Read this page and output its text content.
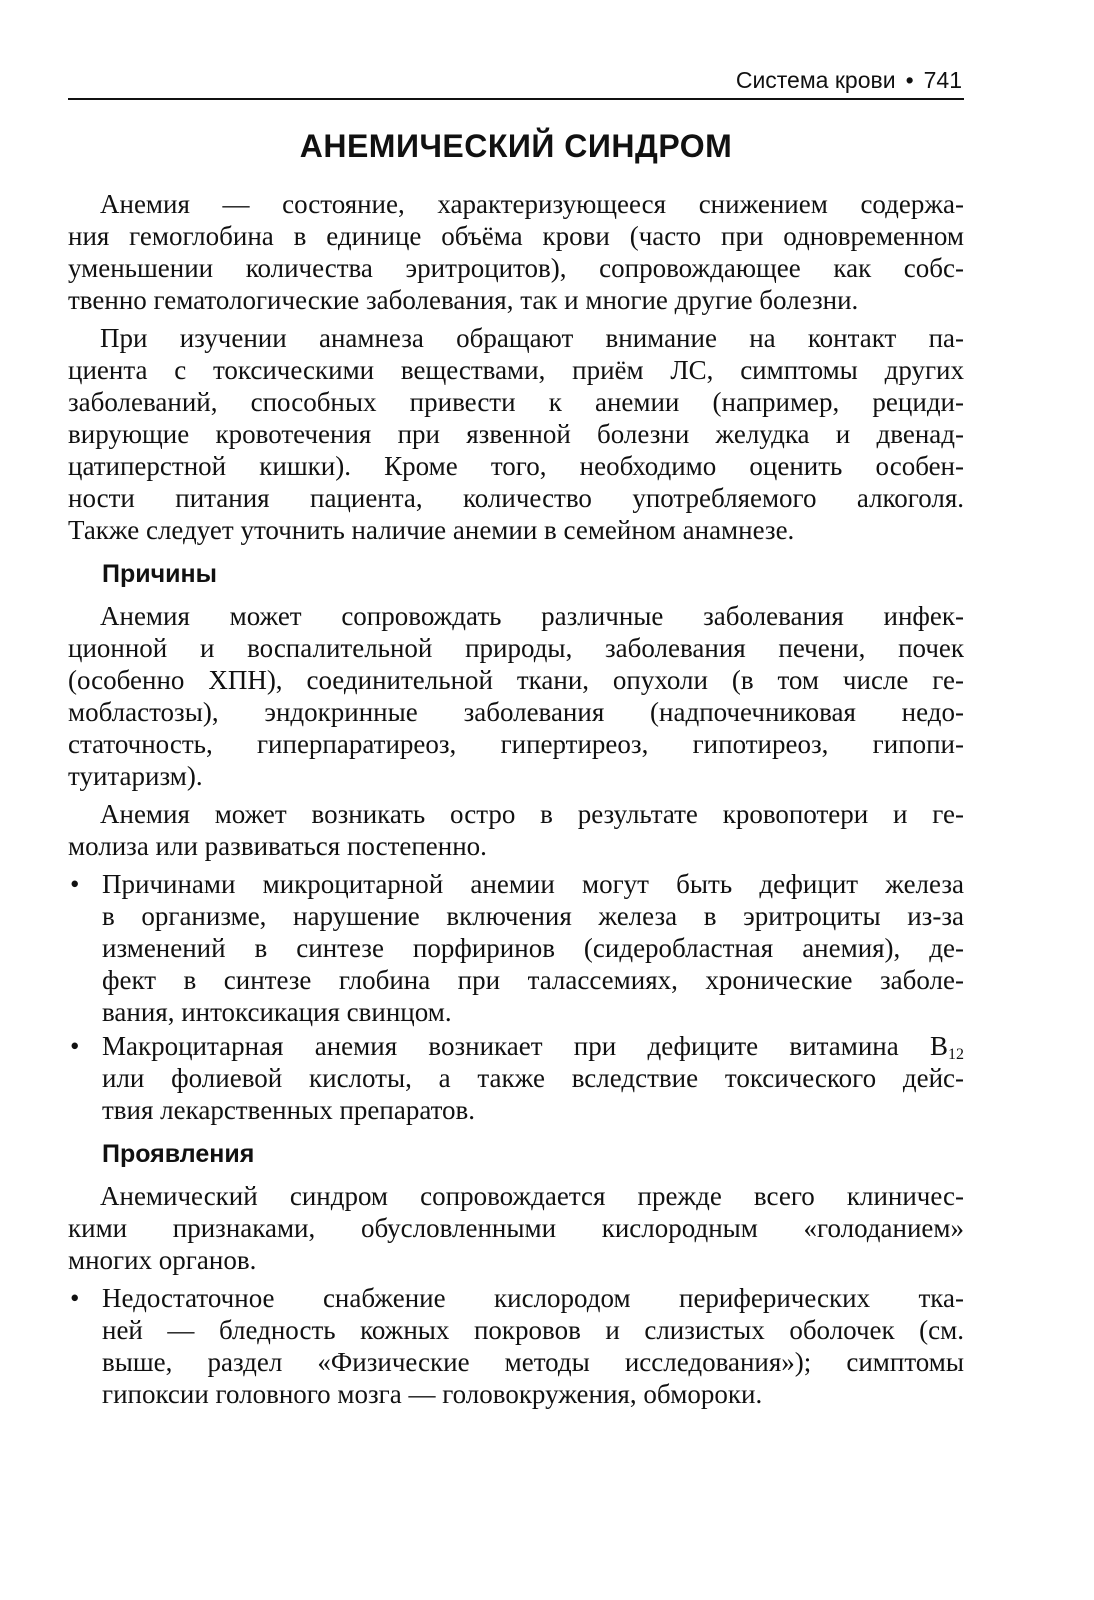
Система крови • 741
АНЕМИЧЕСКИЙ СИНДРОМ

Анемия — состояние, характеризующееся снижением содержа-
ния гемоглобина в единице объёма крови (часто при одновременном
уменьшении количества эритроцитов), сопровождающее как собс-
твенно гематологические заболевания, так и многие другие болезни.

При изучении анамнеза обращают внимание на контакт па-
циента с токсическими веществами, приём ЛС, симптомы других
заболеваний, способных привести к анемии (например, рециди-
вирующие кровотечения при язвенной болезни желудка и двенад-
цатиперстной кишки). Кроме того, необходимо оценить особен-
ности питания пациента, количество употребляемого алкоголя.
Также следует уточнить наличие анемии в семейном анамнезе.

Причины

Анемия может сопровождать различные заболевания инфек-
ционной и воспалительной природы, заболевания печени, почек
(особенно ХПН), соединительной ткани, опухоли (в том числе ге-
мобластозы), эндокринные заболевания (надпочечниковая недо-
статочность, гиперпаратиреоз, гипертиреоз, гипотиреоз, гипопи-
туитаризм).

Анемия может возникать остро в результате кровопотери и ге-
молиза или развиваться постепенно.

• Причинами микроцитарной анемии могут быть дефицит железа
в организме, нарушение включения железа в эритроциты из-за
изменений в синтезе порфиринов (сидеробластная анемия), де-
фект в синтезе глобина при талассемиях, хронические заболе-
вания, интоксикация свинцом.
• Макроцитарная анемия возникает при дефиците витамина $В_{12}$
или фолиевой кислоты, а также вследствие токсического дейс-
твия лекарственных препаратов.
Проявления

Анемический синдром сопровождается прежде всего клиничес-
кими признаками, обусловленными кислородным «голоданием»
многих органов.

• Недостаточное снабжение кислородом периферических тка-
ней — бледность кожных покровов и слизистых оболочек (см.
выше, раздел «Физические методы исследования»); симптомы
гипоксии головного мозга — головокружения, обмороки.
